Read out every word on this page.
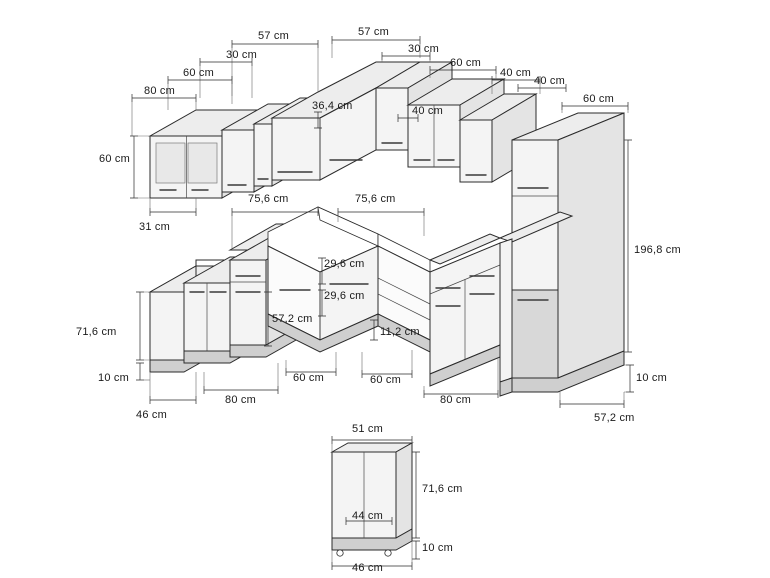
57 cm	57 cm
30 cm	30 cm
60 cm
60 cm
40 cm
80 cm
40 cm
60 cm
36,4 cm	40 cm
60 cm
31 cm
75,6 cm	75,6 cm
29,6 cm
29,6 cm
57,2 cm
11,2 cm
196,8 cm
71,6 cm
10 cm
46 cm
80 cm
60 cm	60 cm
80 cm
10 cm
57,2 cm
51 cm
71,6 cm
44 cm
10 cm
46 cm
